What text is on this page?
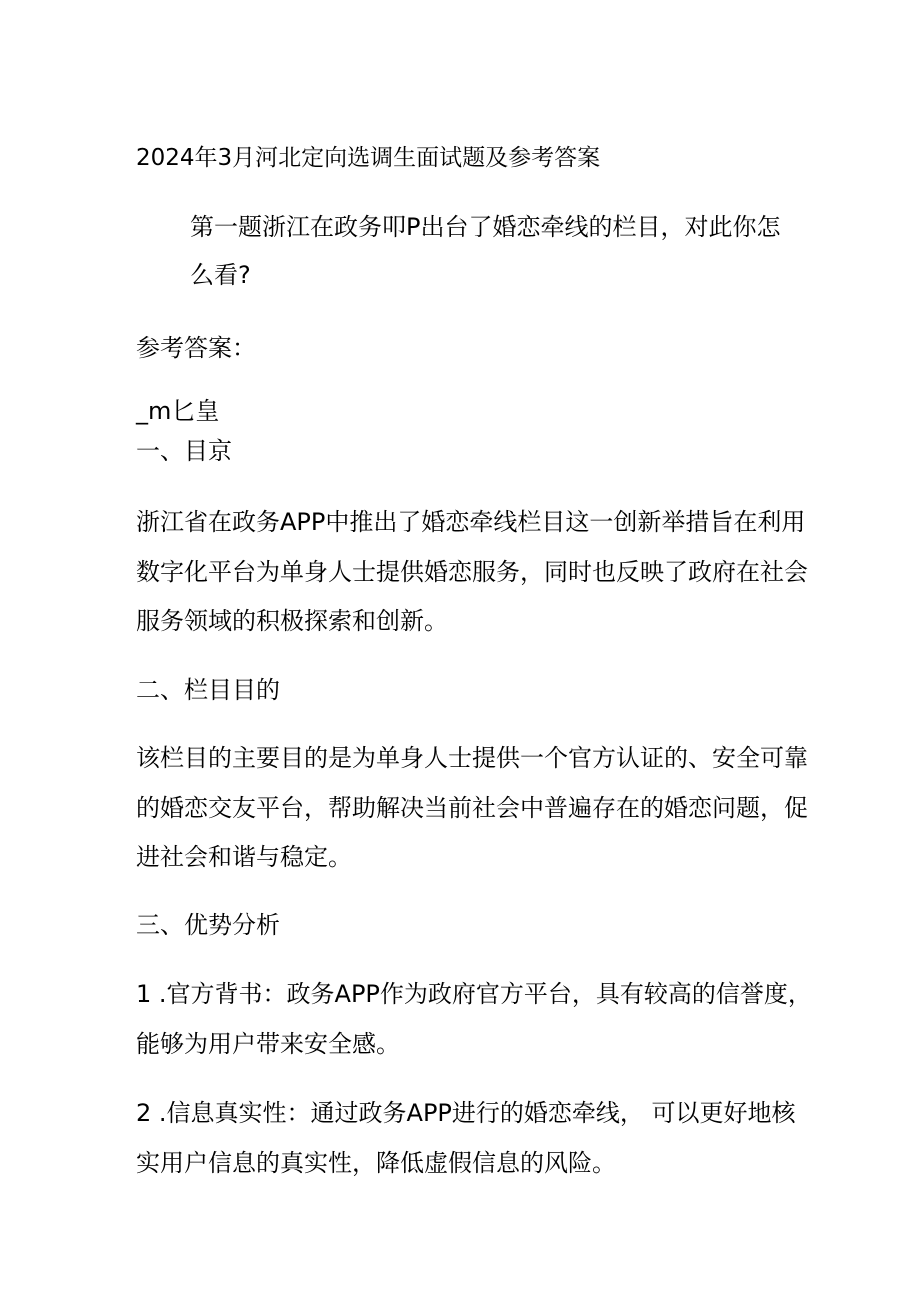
2024年3月河北定向选调生面试题及参考答案
第一题浙江在政务叩P出台了婚恋牵线的栏目，对此你怎
么看?
参考答案：
_m匕皇
一、目京
浙江省在政务APP中推出了婚恋牵线栏目这一创新举措旨在利用
数字化平台为单身人士提供婚恋服务，同时也反映了政府在社会
服务领域的积极探索和创新。
二、栏目目的
该栏目的主要目的是为单身人士提供一个官方认证的、安全可靠
的婚恋交友平台，帮助解决当前社会中普遍存在的婚恋问题，促
进社会和谐与稳定。
三、优势分析
1 .官方背书：政务APP作为政府官方平台，具有较高的信誉度，
能够为用户带来安全感。
2 .信息真实性：通过政务APP进行的婚恋牵线， 可以更好地核
实用户信息的真实性，降低虚假信息的风险。
